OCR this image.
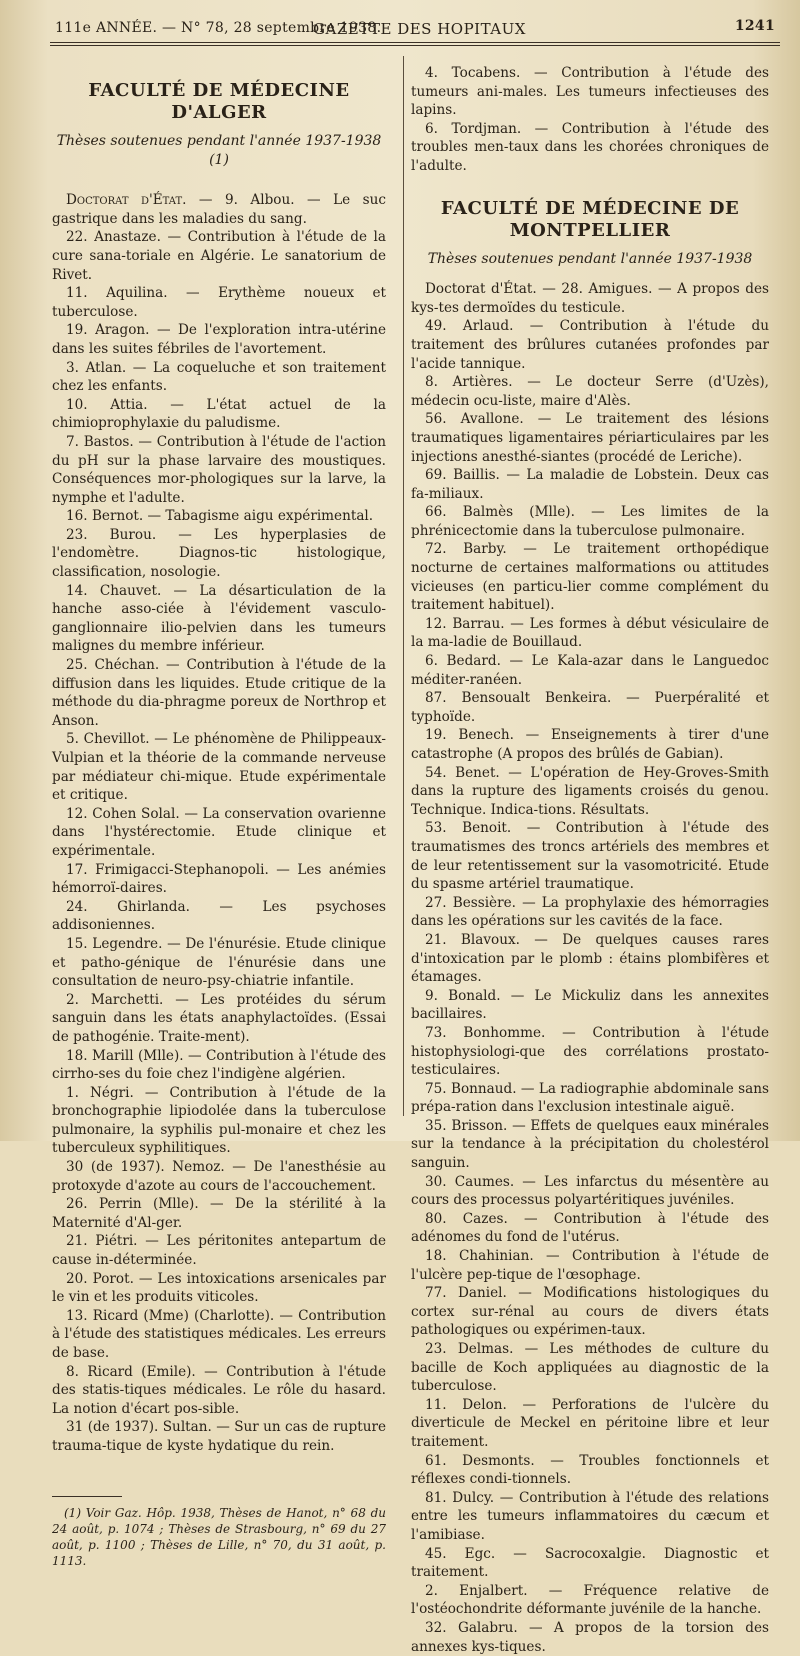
111e ANNÉE. — N° 78, 28 septembre 1938.
GAZETTE DES HOPITAUX	1241
FACULTÉ DE MÉDECINE D'ALGER
Thèses soutenues pendant l'année 1937-1938 (1)

Doctorat d'État. — 9. Albou. — Le suc gastrique dans les maladies du sang.

22. Anastaze. — Contribution à l'étude de la cure sana-toriale en Algérie. Le sanatorium de Rivet.

11. Aquilina. — Erythème noueux et tuberculose.

19. Aragon. — De l'exploration intra-utérine dans les suites fébriles de l'avortement.

3. Atlan. — La coqueluche et son traitement chez les enfants.

10. Attia. — L'état actuel de la chimioprophylaxie du paludisme.

7. Bastos. — Contribution à l'étude de l'action du pH sur la phase larvaire des moustiques. Conséquences mor-phologiques sur la larve, la nymphe et l'adulte.

16. Bernot. — Tabagisme aigu expérimental.

23. Burou. — Les hyperplasies de l'endomètre. Diagnos-tic histologique, classification, nosologie.

14. Chauvet. — La désarticulation de la hanche asso-ciée à l'évidement vasculo-ganglionnaire ilio-pelvien dans les tumeurs malignes du membre inférieur.

25. Chéchan. — Contribution à l'étude de la diffusion dans les liquides. Etude critique de la méthode du dia-phragme poreux de Northrop et Anson.

5. Chevillot. — Le phénomène de Philippeaux-Vulpian et la théorie de la commande nerveuse par médiateur chi-mique. Etude expérimentale et critique.

12. Cohen Solal. — La conservation ovarienne dans l'hystérectomie. Etude clinique et expérimentale.

17. Frimigacci-Stephanopoli. — Les anémies hémorroï-daires.

24. Ghirlanda. — Les psychoses addisoniennes.

15. Legendre. — De l'énurésie. Etude clinique et patho-génique de l'énurésie dans une consultation de neuro-psy-chiatrie infantile.

2. Marchetti. — Les protéides du sérum sanguin dans les états anaphylactoïdes. (Essai de pathogénie. Traite-ment).

18. Marill (Mlle). — Contribution à l'étude des cirrho-ses du foie chez l'indigène algérien.

1. Négri. — Contribution à l'étude de la bronchographie lipiodolée dans la tuberculose pulmonaire, la syphilis pul-monaire et chez les tuberculeux syphilitiques.

30 (de 1937). Nemoz. — De l'anesthésie au protoxyde d'azote au cours de l'accouchement.

26. Perrin (Mlle). — De la stérilité à la Maternité d'Al-ger.

21. Piétri. — Les péritonites antepartum de cause in-déterminée.

20. Porot. — Les intoxications arsenicales par le vin et les produits viticoles.

13. Ricard (Mme) (Charlotte). — Contribution à l'étude des statistiques médicales. Les erreurs de base.

8. Ricard (Emile). — Contribution à l'étude des statis-tiques médicales. Le rôle du hasard. La notion d'écart pos-sible.

31 (de 1937). Sultan. — Sur un cas de rupture trauma-tique de kyste hydatique du rein.

(1) Voir Gaz. Hôp. 1938, Thèses de Hanot, n° 68 du 24 août, p. 1074 ; Thèses de Strasbourg, n° 69 du 27 août, p. 1100 ; Thèses de Lille, n° 70, du 31 août, p. 1113.

4. Tocabens. — Contribution à l'étude des tumeurs ani-males. Les tumeurs infectieuses des lapins.

6. Tordjman. — Contribution à l'étude des troubles men-taux dans les chorées chroniques de l'adulte.

FACULTÉ DE MÉDECINE DE MONTPELLIER
Thèses soutenues pendant l'année 1937-1938

Doctorat d'État. — 28. Amigues. — A propos des kys-tes dermoïdes du testicule.

49. Arlaud. — Contribution à l'étude du traitement des brûlures cutanées profondes par l'acide tannique.

8. Artières. — Le docteur Serre (d'Uzès), médecin ocu-liste, maire d'Alès.

56. Avallone. — Le traitement des lésions traumatiques ligamentaires périarticulaires par les injections anesthé-siantes (procédé de Leriche).

69. Baillis. — La maladie de Lobstein. Deux cas fa-miliaux.

66. Balmès (Mlle). — Les limites de la phrénicectomie dans la tuberculose pulmonaire.

72. Barby. — Le traitement orthopédique nocturne de certaines malformations ou attitudes vicieuses (en particu-lier comme complément du traitement habituel).

12. Barrau. — Les formes à début vésiculaire de la ma-ladie de Bouillaud.

6. Bedard. — Le Kala-azar dans le Languedoc méditer-ranéen.

87. Bensoualt Benkeira. — Puerpéralité et typhoïde.

19. Benech. — Enseignements à tirer d'une catastrophe (A propos des brûlés de Gabian).

54. Benet. — L'opération de Hey-Groves-Smith dans la rupture des ligaments croisés du genou. Technique. Indica-tions. Résultats.

53. Benoit. — Contribution à l'étude des traumatismes des troncs artériels des membres et de leur retentissement sur la vasomotricité. Etude du spasme artériel traumatique.

27. Bessière. — La prophylaxie des hémorragies dans les opérations sur les cavités de la face.

21. Blavoux. — De quelques causes rares d'intoxication par le plomb : étains plombifères et étamages.

9. Bonald. — Le Mickuliz dans les annexites bacillaires.

73. Bonhomme. — Contribution à l'étude histophysiologi-que des corrélations prostato-testiculaires.

75. Bonnaud. — La radiographie abdominale sans prépa-ration dans l'exclusion intestinale aiguë.

35. Brisson. — Effets de quelques eaux minérales sur la tendance à la précipitation du cholestérol sanguin.

30. Caumes. — Les infarctus du mésentère au cours des processus polyartéritiques juvéniles.

80. Cazes. — Contribution à l'étude des adénomes du fond de l'utérus.

18. Chahinian. — Contribution à l'étude de l'ulcère pep-tique de l'œsophage.

77. Daniel. — Modifications histologiques du cortex sur-rénal au cours de divers états pathologiques ou expérimen-taux.

23. Delmas. — Les méthodes de culture du bacille de Koch appliquées au diagnostic de la tuberculose.

11. Delon. — Perforations de l'ulcère du diverticule de Meckel en péritoine libre et leur traitement.

61. Desmonts. — Troubles fonctionnels et réflexes condi-tionnels.

81. Dulcy. — Contribution à l'étude des relations entre les tumeurs inflammatoires du cæcum et l'amibiase.

45. Egc. — Sacrocoxalgie. Diagnostic et traitement.

2. Enjalbert. — Fréquence relative de l'ostéochondrite déformante juvénile de la hanche.

32. Galabru. — A propos de la torsion des annexes kys-tiques.
